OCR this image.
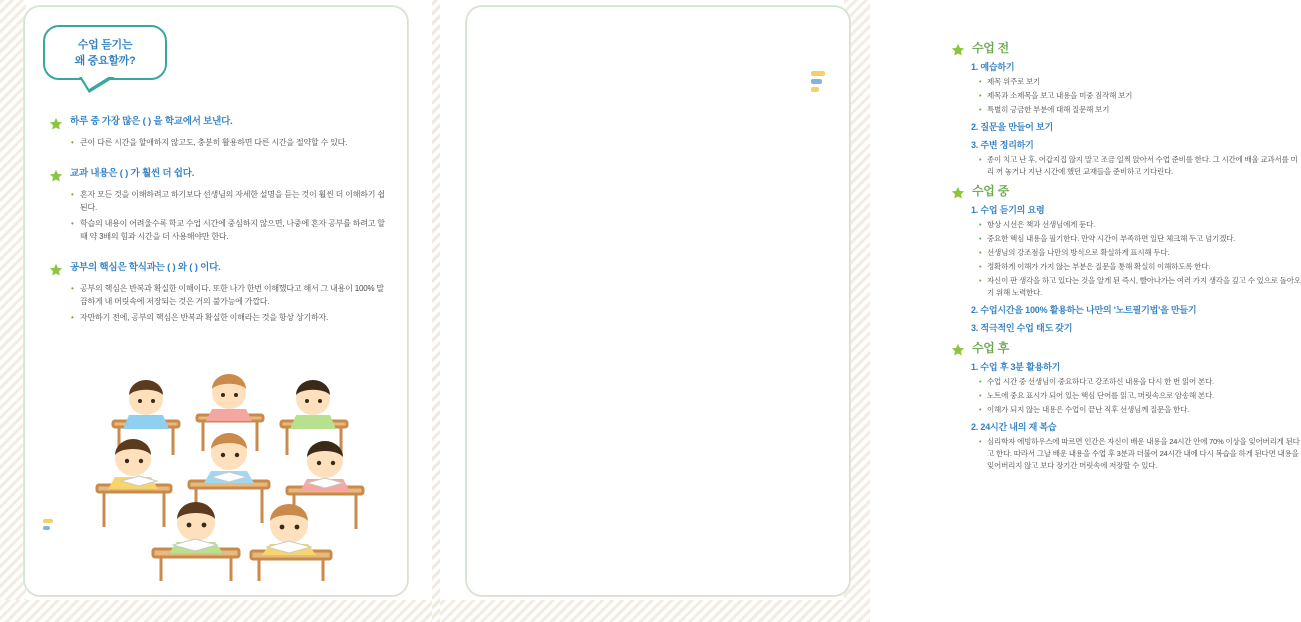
수업 듣기는
왜 중요할까?
하루 중 가장 많은 ( ) 을 학교에서 보낸다.
• 큰이 다른 시간을 할애하지 않고도, 충분히 활용하면 다른 시간을 절약할 수 있다.
교과 내용은 ( ) 가 훨씬 더 쉽다.
• 혼자 모든 것을 이해하려고 하기보다 선생님의 자세한 설명을 듣는 것이 훨씬 더 이해하기 쉽 된다.
• 학습의 내용이 어려울수록 학교 수업 시간에 중심하지 않으면, 나중에 혼자 공부를 하려고 할 때 약 3배의 힘과 시간을 더 사용해야만 한다.
공부의 핵심은 학식과는 ( ) 와 ( ) 이다.
• 공부의 핵심은 반복과 확실한 이해이다. 또한 나가 한번 이해했다고 해서 그 내용이 100% 말끔하게 내 머릿속에 저장되는 것은 거의 불가능에 가깝다.
• 자만하기 전에, 공부의 핵심은 반복과 확실한 이해라는 것을 항상 상기하자.
수업 전
1. 예습하기
• 제목 위주로 보기
• 제목과 소제목을 보고 내용을 미중 짐작해 보기
• 특별히 긍금한 부분에 대해 질문해 보기
2. 질문을 만들어 보기
3. 주변 정리하기
• 종이 치고 난 후, 어갑지집 않지 말고 조금 일찍 앉아서 수업 준비를 한다. 그 시간에 배울 교과서를 미리 꺼 놓거나 지난 시간에 했던 교재들을 준비하고 기다린다.
수업 중
1. 수업 듣기의 요령
• 항상 시선은 책과 선생님에게 둔다.
• 중요한 핵심 내용을 필기한다. 만약 시간이 부족하면 일단 체크해 두고 넘기겠다.
• 선생님의 강조점을 나만의 방식으로 확실하게 표시해 두다.
• 정확하게 이해가 가지 않는 부분은 질문을 통해 확실히 이해하도록 한다.
• 자신이 판 생각을 하고 있다는 것을 알게 된 즉시, 빨아나가는 여러 가지 생각을 깊고 수 있으로 돌아오기 위해 노력한다.
2. 수업시간을 100% 활용하는 나만의 '노트필기법'을 만들기
3. 적극적인 수업 태도 갖기
수업 후
1. 수업 후 3분 활용하기
• 수업 시간 중 선생님이 중요하다고 강조하신 내용을 다시 한 번 읽어 본다.
• 노트에 중요 표시가 되어 있는 핵심 단어를 읽고, 머릿속으로 암송해 본다.
• 이해가 되지 않는 내용은 수업이 끝난 직후 선생님께 질문을 한다.
2. 24시간 내의 재 복습
• 심리학자 에빙하우스에 따르면 인간은 자신이 배운 내용을 24시간 안에 70% 이상을 잊어버리게 된다고 한다. 따라서 그날 배운 내용을 수업 후 3분과 더불어 24시간 내에 다시 복습을 하게 된다면 내용을 잊어버리지 않고 보다 장기간 머릿속에 저장할 수 있다.
